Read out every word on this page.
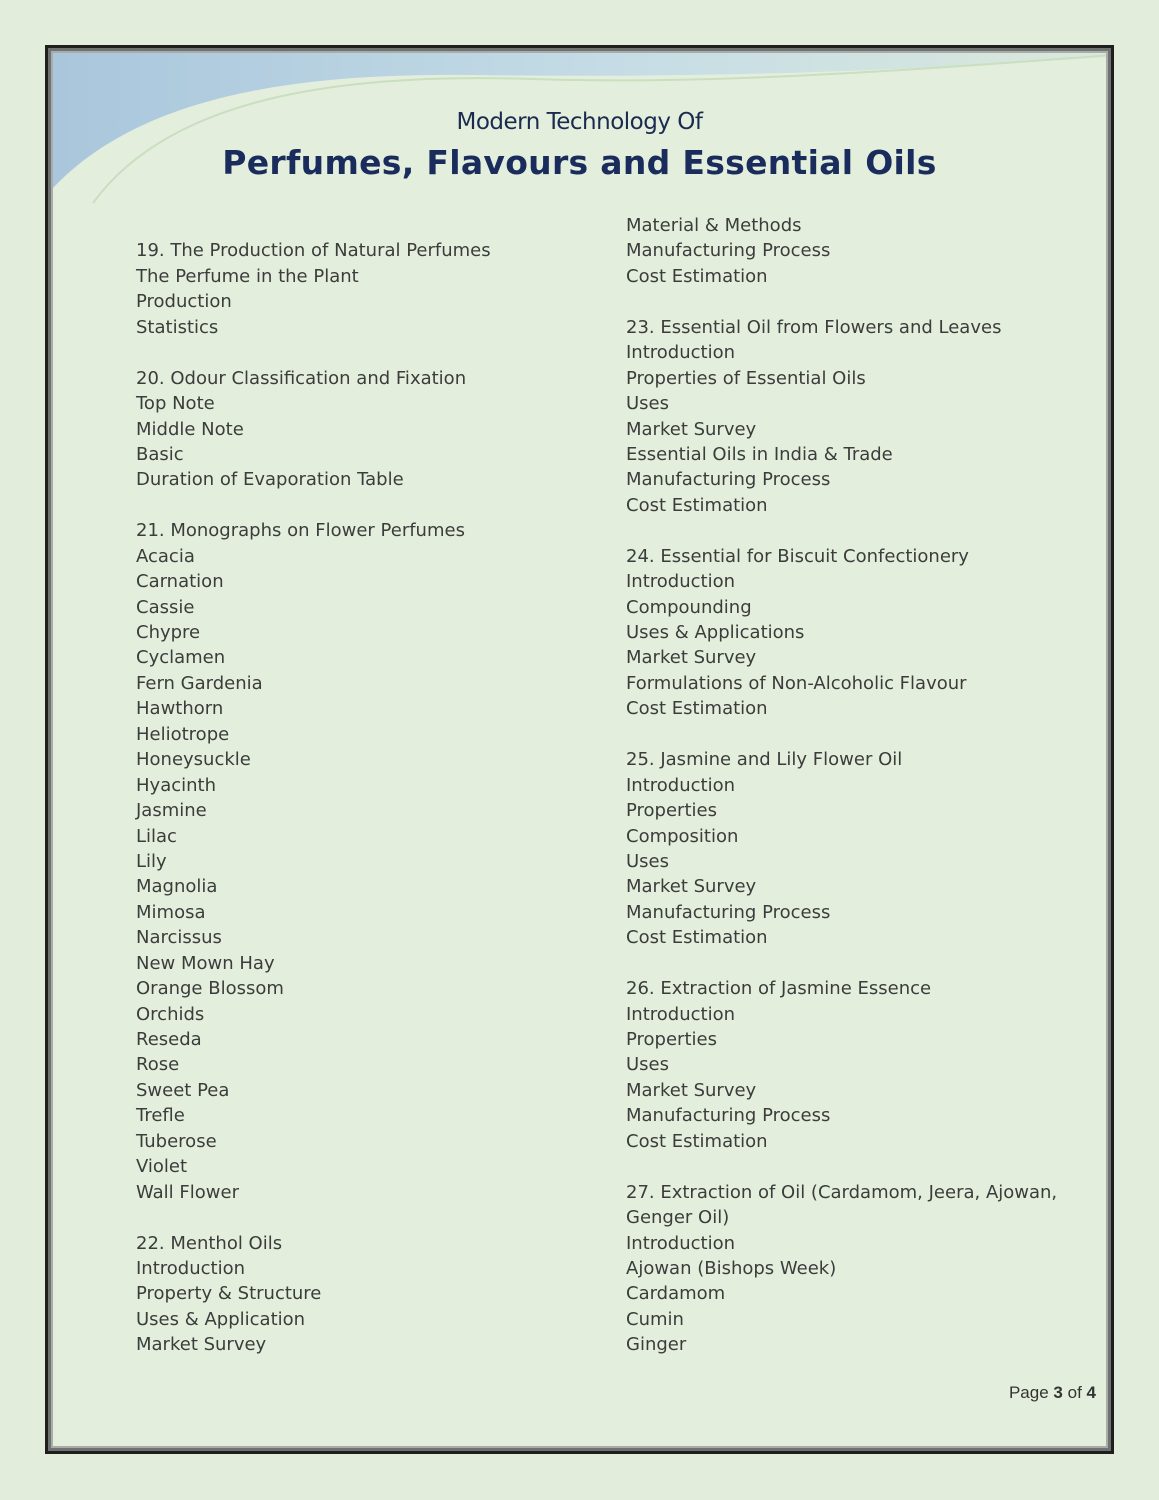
Modern Technology Of
Perfumes, Flavours and Essential Oils
19. The Production of Natural Perfumes
The Perfume in the Plant
Production
Statistics
20. Odour Classification and Fixation
Top Note
Middle Note
Basic
Duration of Evaporation Table
21. Monographs on Flower Perfumes
Acacia
Carnation
Cassie
Chypre
Cyclamen
Fern Gardenia
Hawthorn
Heliotrope
Honeysuckle
Hyacinth
Jasmine
Lilac
Lily
Magnolia
Mimosa
Narcissus
New Mown Hay
Orange Blossom
Orchids
Reseda
Rose
Sweet Pea
Trefle
Tuberose
Violet
Wall Flower
22. Menthol Oils
Introduction
Property & Structure
Uses & Application
Market Survey
Material & Methods
Manufacturing Process
Cost Estimation
23. Essential Oil from Flowers and Leaves
Introduction
Properties of Essential Oils
Uses
Market Survey
Essential Oils in India & Trade
Manufacturing Process
Cost Estimation
24. Essential for Biscuit Confectionery
Introduction
Compounding
Uses & Applications
Market Survey
Formulations of Non-Alcoholic Flavour
Cost Estimation
25. Jasmine and Lily Flower Oil
Introduction
Properties
Composition
Uses
Market Survey
Manufacturing Process
Cost Estimation
26. Extraction of Jasmine Essence
Introduction
Properties
Uses
Market Survey
Manufacturing Process
Cost Estimation
27. Extraction of Oil (Cardamom, Jeera, Ajowan, Genger Oil)
Introduction
Ajowan (Bishops Week)
Cardamom
Cumin
Ginger
Page 3 of 4
